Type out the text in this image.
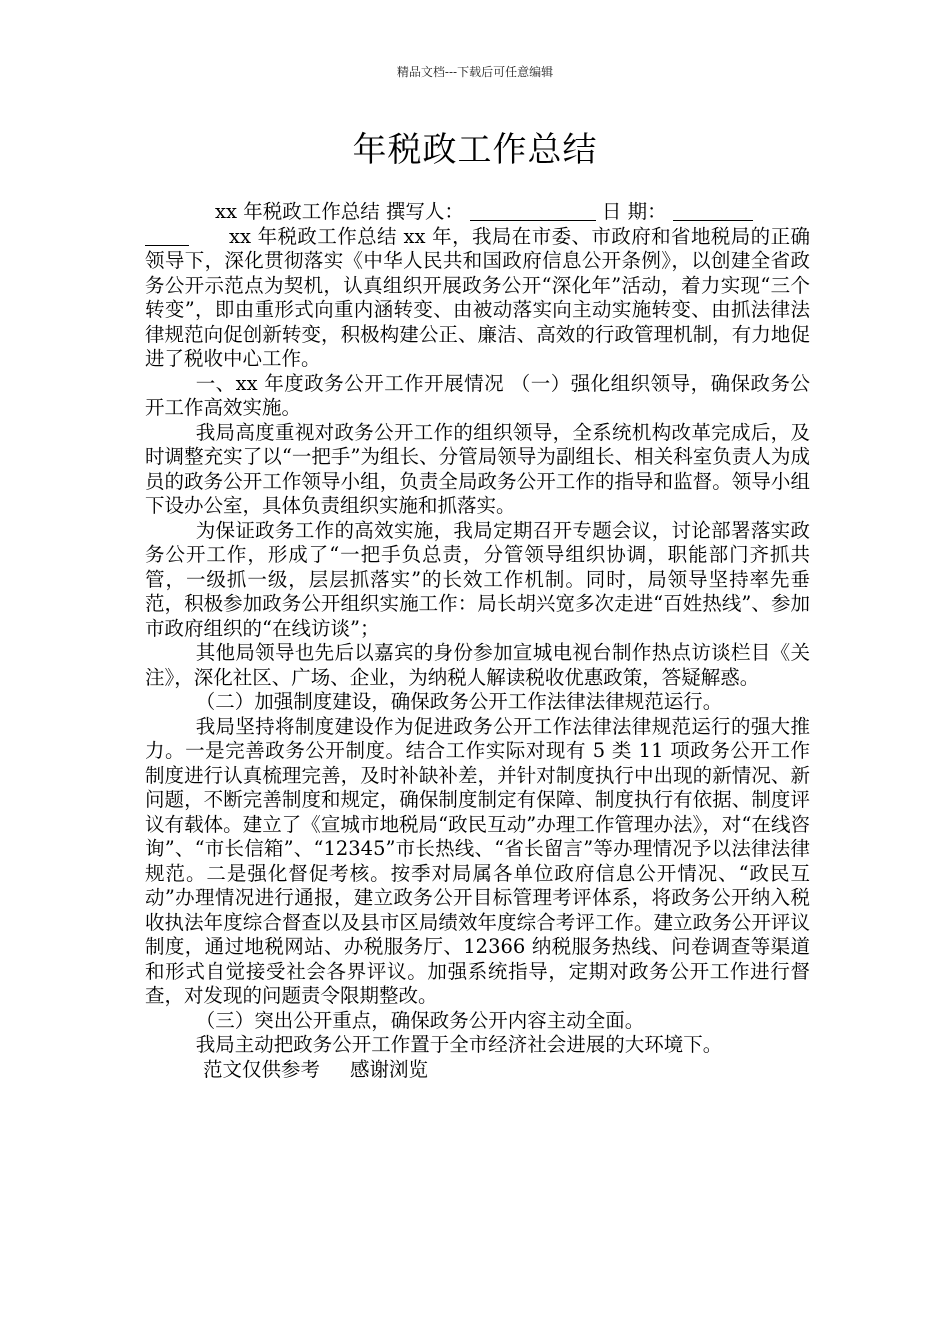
精品文档---下载后可任意编辑
年税政工作总结

xx 年税政工作总结 撰写人：	日 期：

xx 年税政工作总结 xx 年，我局在市委、市政府和省地税局的正确领导下，深化贯彻落实《中华人民共和国政府信息公开条例》，以创建全省政务公开示范点为契机，认真组织开展政务公开“深化年”活动，着力实现“三个转变”，即由重形式向重内涵转变、由被动落实向主动实施转变、由抓法律法律规范向促创新转变，积极构建公正、廉洁、高效的行政管理机制，有力地促进了税收中心工作。

一、xx 年度政务公开工作开展情况 （一）强化组织领导，确保政务公开工作高效实施。

我局高度重视对政务公开工作的组织领导，全系统机构改革完成后，及时调整充实了以“一把手”为组长、分管局领导为副组长、相关科室负责人为成员的政务公开工作领导小组，负责全局政务公开工作的指导和监督。领导小组下设办公室，具体负责组织实施和抓落实。

为保证政务工作的高效实施，我局定期召开专题会议，讨论部署落实政务公开工作，形成了“一把手负总责，分管领导组织协调，职能部门齐抓共管，一级抓一级，层层抓落实”的长效工作机制。同时，局领导坚持率先垂范，积极参加政务公开组织实施工作：局长胡兴宽多次走进“百姓热线”、参加市政府组织的“在线访谈”；

其他局领导也先后以嘉宾的身份参加宣城电视台制作热点访谈栏目《关注》，深化社区、广场、企业，为纳税人解读税收优惠政策，答疑解惑。

（二）加强制度建设，确保政务公开工作法律法律规范运行。

我局坚持将制度建设作为促进政务公开工作法律法律规范运行的强大推力。一是完善政务公开制度。结合工作实际对现有 5 类 11 项政务公开工作制度进行认真梳理完善，及时补缺补差，并针对制度执行中出现的新情况、新问题，不断完善制度和规定，确保制度制定有保障、制度执行有依据、制度评议有载体。建立了《宣城市地税局“政民互动”办理工作管理办法》，对“在线咨询”、“市长信箱”、“12345”市长热线、“省长留言”等办理情况予以法律法律规范。二是强化督促考核。按季对局属各单位政府信息公开情况、“政民互动”办理情况进行通报，建立政务公开目标管理考评体系，将政务公开纳入税收执法年度综合督查以及县市区局绩效年度综合考评工作。建立政务公开评议制度，通过地税网站、办税服务厅、12366 纳税服务热线、问卷调查等渠道和形式自觉接受社会各界评议。加强系统指导，定期对政务公开工作进行督查，对发现的问题责令限期整改。

（三）突出公开重点，确保政务公开内容主动全面。

我局主动把政务公开工作置于全市经济社会进展的大环境下。

范文仅供参考 感谢浏览
